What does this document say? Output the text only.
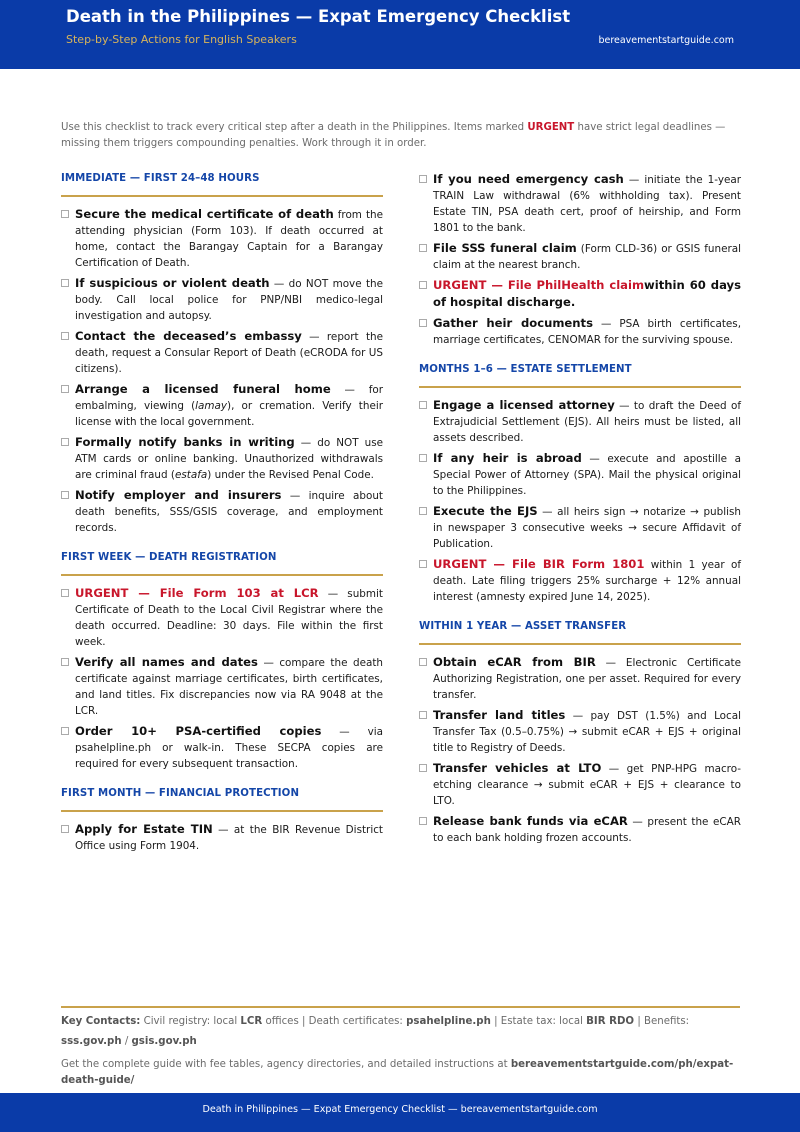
Death in the Philippines — Expat Emergency Checklist
Step-by-Step Actions for English Speakers	bereavementstartguide.com
Use this checklist to track every critical step after a death in the Philippines. Items marked URGENT have strict legal deadlines — missing them triggers compounding penalties. Work through it in order.
IMMEDIATE — FIRST 24–48 HOURS
Secure the medical certificate of death from the attending physician (Form 103). If death occurred at home, contact the Barangay Captain for a Barangay Certification of Death.
If suspicious or violent death — do NOT move the body. Call local police for PNP/NBI medico-legal investigation and autopsy.
Contact the deceased’s embassy — report the death, request a Consular Report of Death (eCRODA for US citizens).
Arrange a licensed funeral home — for embalming, viewing (lamay), or cremation. Verify their license with the local government.
Formally notify banks in writing — do NOT use ATM cards or online banking. Unauthorized withdrawals are criminal fraud (estafa) under the Revised Penal Code.
Notify employer and insurers — inquire about death benefits, SSS/GSIS coverage, and employment records.
FIRST WEEK — DEATH REGISTRATION
URGENT — File Form 103 at LCR — submit Certificate of Death to the Local Civil Registrar where the death occurred. Deadline: 30 days. File within the first week.
Verify all names and dates — compare the death certificate against marriage certificates, birth certificates, and land titles. Fix discrepancies now via RA 9048 at the LCR.
Order 10+ PSA-certified copies — via psahelpline.ph or walk-in. These SECPA copies are required for every subsequent transaction.
FIRST MONTH — FINANCIAL PROTECTION
Apply for Estate TIN — at the BIR Revenue District Office using Form 1904.
If you need emergency cash — initiate the 1-year TRAIN Law withdrawal (6% withholding tax). Present Estate TIN, PSA death cert, proof of heirship, and Form 1801 to the bank.
File SSS funeral claim (Form CLD-36) or GSIS funeral claim at the nearest branch.
URGENT — File PhilHealth claimwithin 60 days of hospital discharge.
Gather heir documents — PSA birth certificates, marriage certificates, CENOMAR for the surviving spouse.
MONTHS 1–6 — ESTATE SETTLEMENT
Engage a licensed attorney — to draft the Deed of Extrajudicial Settlement (EJS). All heirs must be listed, all assets described.
If any heir is abroad — execute and apostille a Special Power of Attorney (SPA). Mail the physical original to the Philippines.
Execute the EJS — all heirs sign → notarize → publish in newspaper 3 consecutive weeks → secure Affidavit of Publication.
URGENT — File BIR Form 1801 within 1 year of death. Late filing triggers 25% surcharge + 12% annual interest (amnesty expired June 14, 2025).
WITHIN 1 YEAR — ASSET TRANSFER
Obtain eCAR from BIR — Electronic Certificate Authorizing Registration, one per asset. Required for every transfer.
Transfer land titles — pay DST (1.5%) and Local Transfer Tax (0.5–0.75%) → submit eCAR + EJS + original title to Registry of Deeds.
Transfer vehicles at LTO — get PNP-HPG macro-etching clearance → submit eCAR + EJS + clearance to LTO.
Release bank funds via eCAR — present the eCAR to each bank holding frozen accounts.
Key Contacts: Civil registry: local LCR offices | Death certificates: psahelpline.ph | Estate tax: local BIR RDO | Benefits: sss.gov.ph / gsis.gov.ph
Get the complete guide with fee tables, agency directories, and detailed instructions at bereavementstartguide.com/ph/expat-death-guide/
Death in Philippines — Expat Emergency Checklist — bereavementstartguide.com
